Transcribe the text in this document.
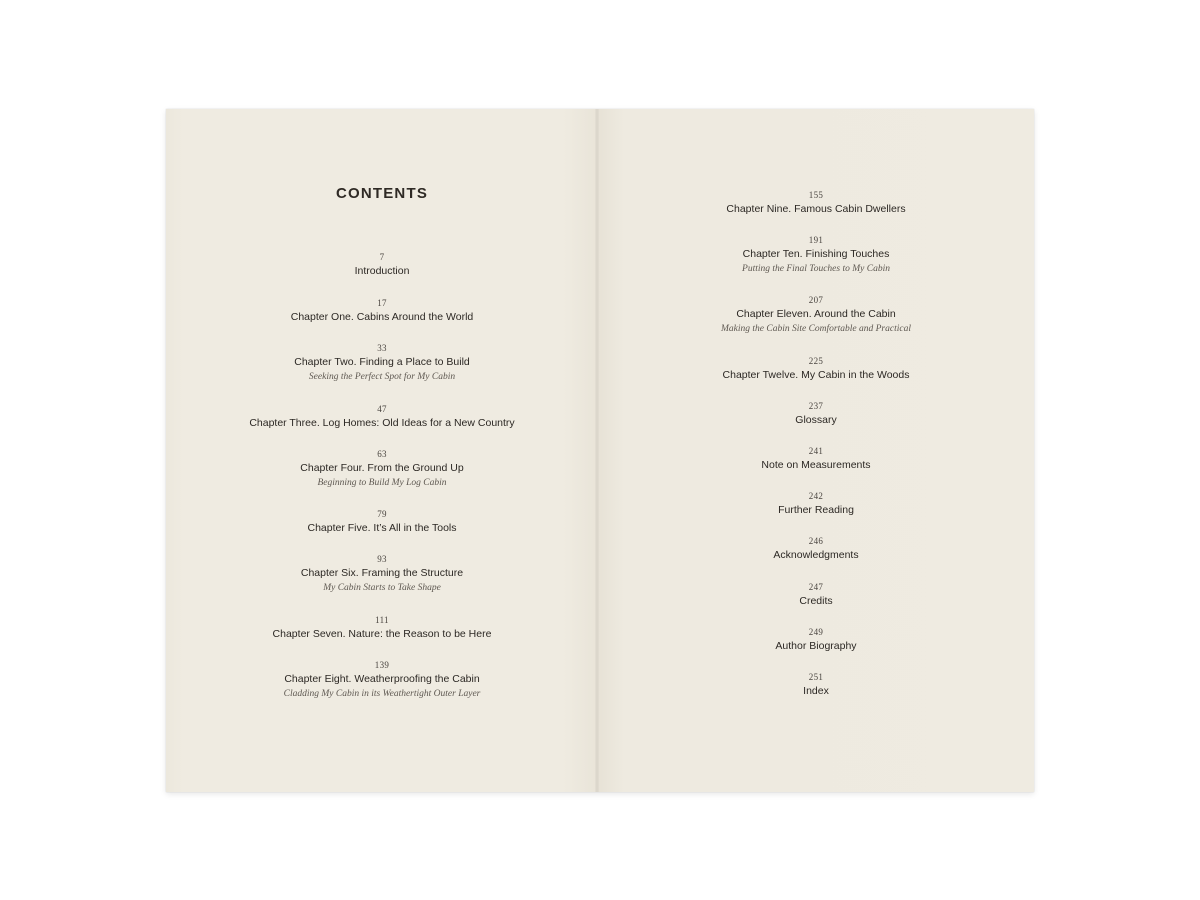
CONTENTS
7
Introduction
17
Chapter One. Cabins Around the World
33
Chapter Two. Finding a Place to Build
Seeking the Perfect Spot for My Cabin
47
Chapter Three. Log Homes: Old Ideas for a New Country
63
Chapter Four. From the Ground Up
Beginning to Build My Log Cabin
79
Chapter Five. It’s All in the Tools
93
Chapter Six. Framing the Structure
My Cabin Starts to Take Shape
111
Chapter Seven. Nature: the Reason to be Here
139
Chapter Eight. Weatherproofing the Cabin
Cladding My Cabin in its Weathertight Outer Layer
155
Chapter Nine. Famous Cabin Dwellers
191
Chapter Ten. Finishing Touches
Putting the Final Touches to My Cabin
207
Chapter Eleven. Around the Cabin
Making the Cabin Site Comfortable and Practical
225
Chapter Twelve. My Cabin in the Woods
237
Glossary
241
Note on Measurements
242
Further Reading
246
Acknowledgments
247
Credits
249
Author Biography
251
Index
